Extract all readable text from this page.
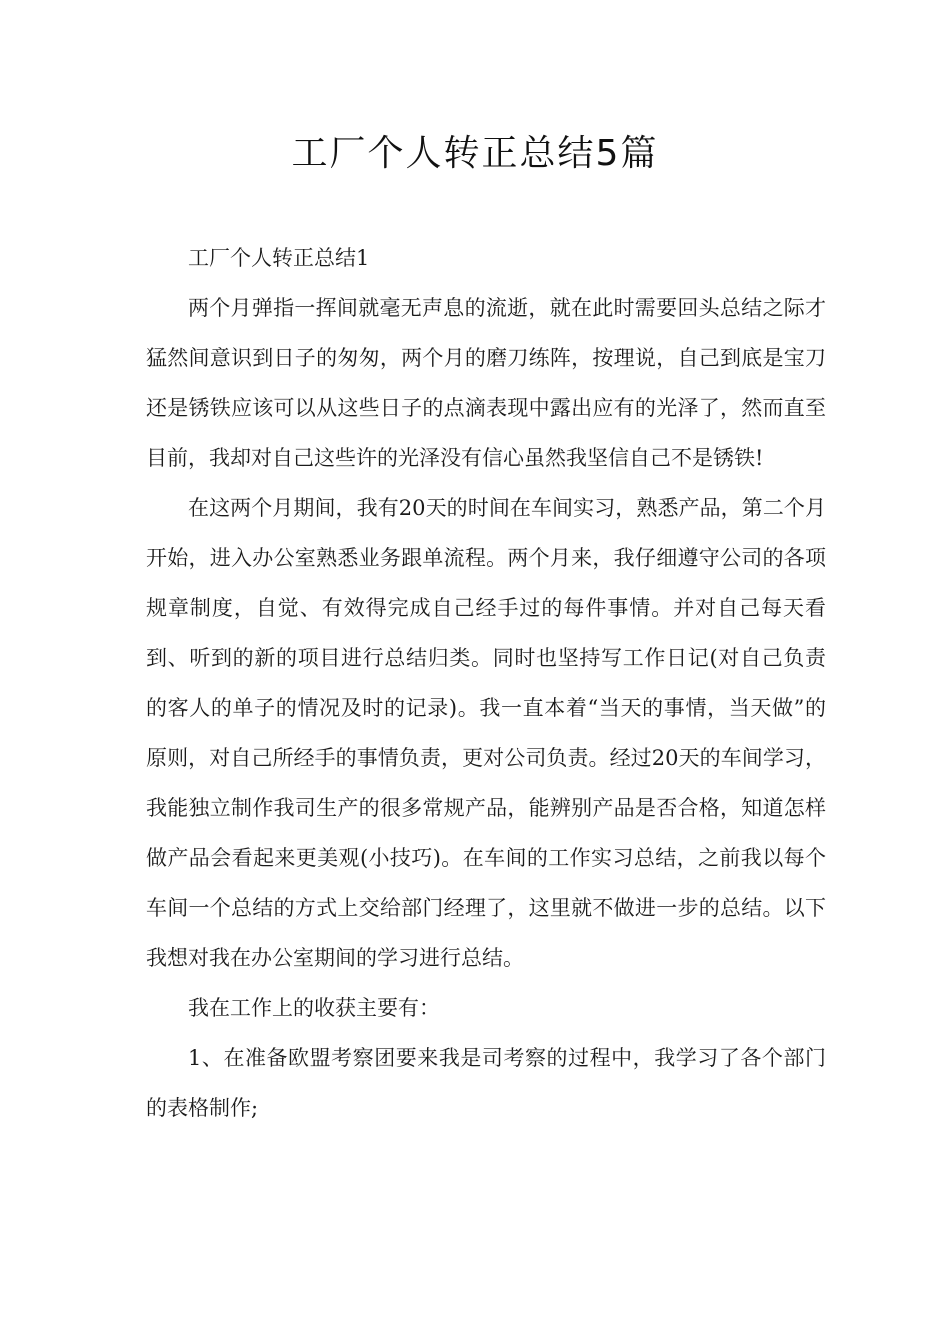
工厂个人转正总结5篇

工厂个人转正总结1

两个月弹指一挥间就毫无声息的流逝，就在此时需要回头总结之际才猛然间意识到日子的匆匆，两个月的磨刀练阵，按理说，自己到底是宝刀还是锈铁应该可以从这些日子的点滴表现中露出应有的光泽了，然而直至目前，我却对自己这些许的光泽没有信心虽然我坚信自己不是锈铁!

在这两个月期间，我有20天的时间在车间实习，熟悉产品，第二个月开始，进入办公室熟悉业务跟单流程。两个月来，我仔细遵守公司的各项规章制度，自觉、有效得完成自己经手过的每件事情。并对自己每天看到、听到的新的项目进行总结归类。同时也坚持写工作日记(对自己负责的客人的单子的情况及时的记录)。我一直本着“当天的事情，当天做”的原则，对自己所经手的事情负责，更对公司负责。经过20天的车间学习，我能独立制作我司生产的很多常规产品，能辨别产品是否合格，知道怎样做产品会看起来更美观(小技巧)。在车间的工作实习总结，之前我以每个车间一个总结的方式上交给部门经理了，这里就不做进一步的总结。以下我想对我在办公室期间的学习进行总结。

我在工作上的收获主要有：

1、在准备欧盟考察团要来我是司考察的过程中，我学习了各个部门的表格制作;
